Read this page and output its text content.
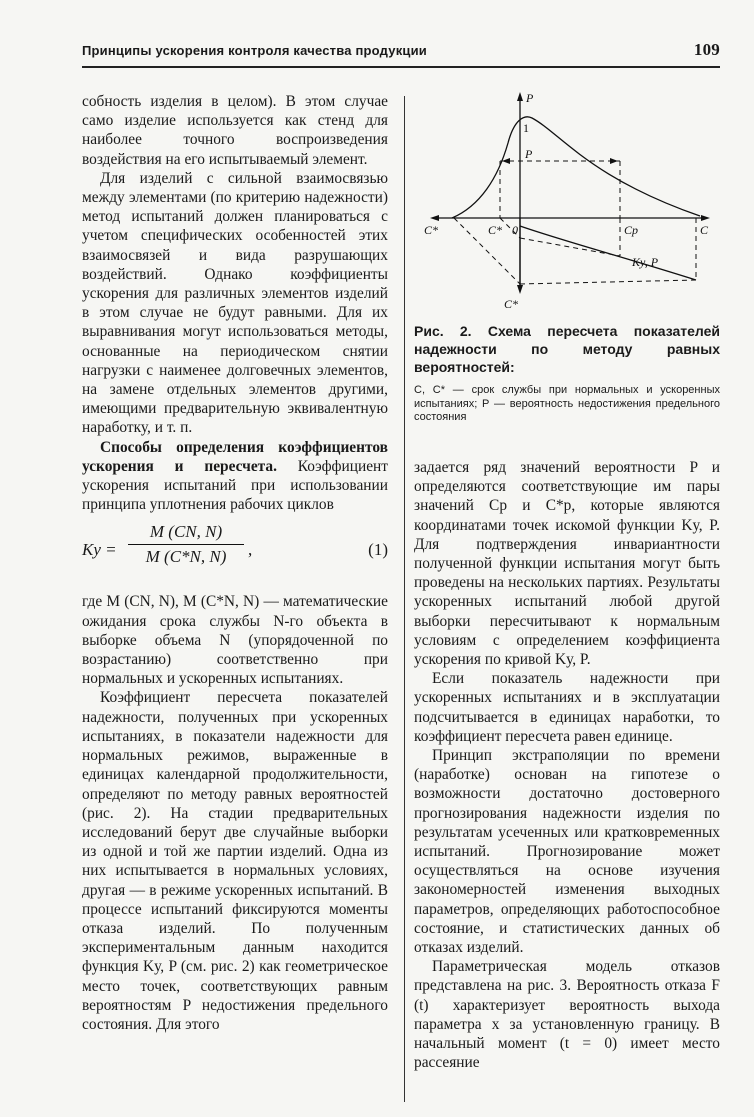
Принципы ускорения контроля качества продукции	109

собность изделия в целом). В этом случае само изделие используется как стенд для наиболее точного воспроизведения воздействия на его испытываемый элемент.

Для изделий с сильной взаимосвязью между элементами (по критерию надежности) метод испытаний должен планироваться с учетом специфических особенностей этих взаимосвязей и вида разрушающих воздействий. Однако коэффициенты ускорения для различных элементов изделий в этом случае не будут равными. Для их выравнивания могут использоваться методы, основанные на периодическом снятии нагрузки с наименее долговечных элементов, на замене отдельных элементов другими, имеющими предварительную эквивалентную наработку, и т. п.

Способы определения коэффициентов ускорения и пересчета. Коэффициент ускорения испытаний при использовании принципа уплотнения рабочих циклов

Kу = $\frac{M (CN, N)}{M (C*N, N)}$ ,	(1)

где M (CN, N), M (C*N, N) — математические ожидания срока службы N-го объекта в выборке объема N (упорядоченной по возрастанию) соответственно при нормальных и ускоренных испытаниях.

Коэффициент пересчета показателей надежности, полученных при ускоренных испытаниях, в показатели надежности для нормальных режимов, выраженные в единицах календарной продолжительности, определяют по методу равных вероятностей (рис. 2). На стадии предварительных исследований берут две случайные выборки из одной и той же партии изделий. Одна из них испытывается в нормальных условиях, другая — в режиме ускоренных испытаний. В процессе испытаний фиксируются моменты отказа изделий. По полученным экспериментальным данным находится функция Kу, P (см. рис. 2) как геометрическое место точек, соответствующих равным вероятностям P недостижения предельного состояния. Для этого

P
P
1
C*	C* 0	Cp	C
Kу, P
C*
Рис. 2. Схема пересчета показателей надежности по методу равных вероятностей:
C, C* — срок службы при нормальных и ускоренных испытаниях; P — вероятность недостижения предельного состояния

задается ряд значений вероятности P и определяются соответствующие им пары значений Cp и C*p, которые являются координатами точек искомой функции Kу, P. Для подтверждения инвариантности полученной функции испытания могут быть проведены на нескольких партиях. Результаты ускоренных испытаний любой другой выборки пересчитывают к нормальным условиям с определением коэффициента ускорения по кривой Kу, P.

Если показатель надежности при ускоренных испытаниях и в эксплуатации подсчитывается в единицах наработки, то коэффициент пересчета равен единице.

Принцип экстраполяции по времени (наработке) основан на гипотезе о возможности достаточно достоверного прогнозирования надежности изделия по результатам усеченных или кратковременных испытаний. Прогнозирование может осуществляться на основе изучения закономерностей изменения выходных параметров, определяющих работоспособное состояние, и статистических данных об отказах изделий.

Параметрическая модель отказов представлена на рис. 3. Вероятность отказа F (t) характеризует вероятность выхода параметра x за установленную границу. В начальный момент (t = 0) имеет место рассеяние
